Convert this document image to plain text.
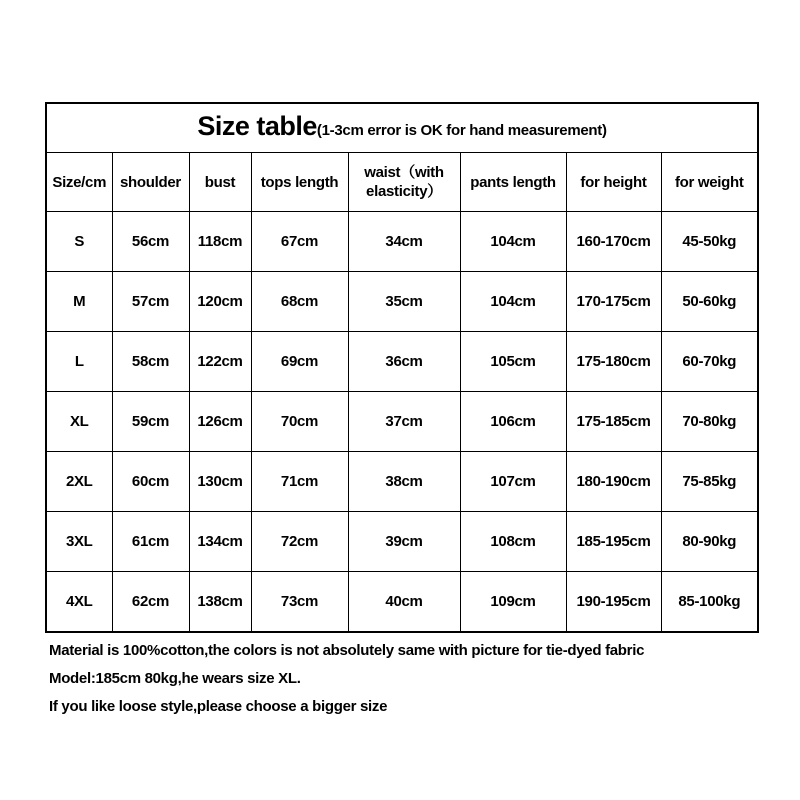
Size table(1-3cm error is OK for hand measurement)							
Size/cm	shoulder	bust	tops length	waist（with elasticity）	pants length	for height	for weight
S	56cm	118cm	67cm	34cm	104cm	160-170cm	45-50kg
M	57cm	120cm	68cm	35cm	104cm	170-175cm	50-60kg
L	58cm	122cm	69cm	36cm	105cm	175-180cm	60-70kg
XL	59cm	126cm	70cm	37cm	106cm	175-185cm	70-80kg
2XL	60cm	130cm	71cm	38cm	107cm	180-190cm	75-85kg
3XL	61cm	134cm	72cm	39cm	108cm	185-195cm	80-90kg
4XL	62cm	138cm	73cm	40cm	109cm	190-195cm	85-100kg
Material is 100%cotton,the colors is not absolutely same with picture for tie-dyed fabric
Model:185cm 80kg,he wears size XL.
If you like loose style,please choose a bigger size
